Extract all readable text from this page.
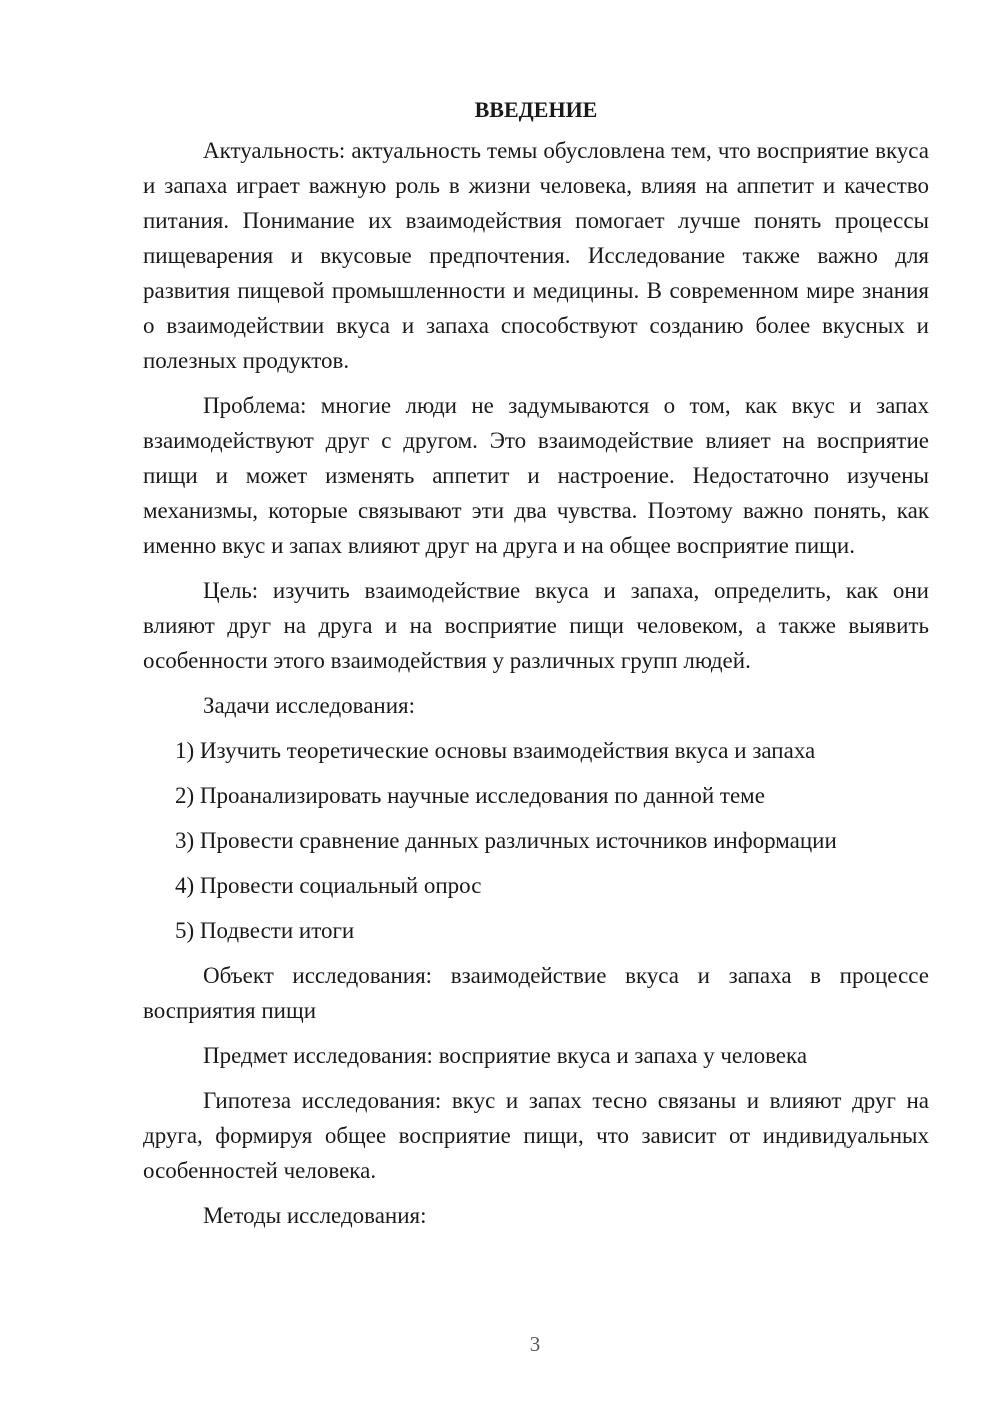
ВВЕДЕНИЕ

Актуальность: актуальность темы обусловлена тем, что восприятие вкуса и запаха играет важную роль в жизни человека, влияя на аппетит и качество питания. Понимание их взаимодействия помогает лучше понять процессы пищеварения и вкусовые предпочтения. Исследование также важно для развития пищевой промышленности и медицины. В современном мире знания о взаимодействии вкуса и запаха способствуют созданию более вкусных и полезных продуктов.

Проблема: многие люди не задумываются о том, как вкус и запах взаимодействуют друг с другом. Это взаимодействие влияет на восприятие пищи и может изменять аппетит и настроение. Недостаточно изучены механизмы, которые связывают эти два чувства. Поэтому важно понять, как именно вкус и запах влияют друг на друга и на общее восприятие пищи.

Цель: изучить взаимодействие вкуса и запаха, определить, как они влияют друг на друга и на восприятие пищи человеком, а также выявить особенности этого взаимодействия у различных групп людей.

Задачи исследования:

1) Изучить теоретические основы взаимодействия вкуса и запаха
2) Проанализировать научные исследования по данной теме
3) Провести сравнение данных различных источников информации
4) Провести социальный опрос
5) Подвести итоги

Объект исследования: взаимодействие вкуса и запаха в процессе восприятия пищи

Предмет исследования: восприятие вкуса и запаха у человека

Гипотеза исследования: вкус и запах тесно связаны и влияют друг на друга, формируя общее восприятие пищи, что зависит от индивидуальных особенностей человека.

Методы исследования:

3
